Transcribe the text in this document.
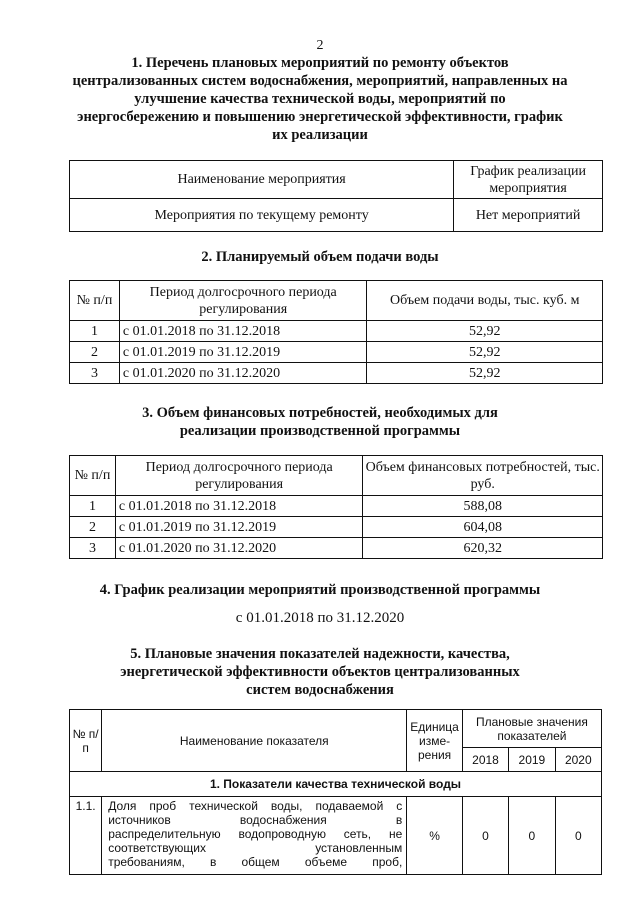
2
1. Перечень плановых мероприятий по ремонту объектов
централизованных систем водоснабжения, мероприятий, направленных на
улучшение качества технической воды, мероприятий по
энергосбережению и повышению энергетической эффективности, график
их реализации
Наименование мероприятия	График реализации мероприятия
Мероприятия по текущему ремонту	Нет мероприятий
2. Планируемый объем подачи воды
№ п/п	Период долгосрочного периода регулирования	Объем подачи воды, тыс. куб. м
1	с 01.01.2018 по 31.12.2018	52,92
2	с 01.01.2019 по 31.12.2019	52,92
3	с 01.01.2020 по 31.12.2020	52,92
3. Объем финансовых потребностей, необходимых для
реализации производственной программы
№ п/п	Период долгосрочного периода регулирования	Объем финансовых потребностей, тыс. руб.
1	с 01.01.2018 по 31.12.2018	588,08
2	с 01.01.2019 по 31.12.2019	604,08
3	с 01.01.2020 по 31.12.2020	620,32
4. График реализации мероприятий производственной программы
с 01.01.2018 по 31.12.2020
5. Плановые значения показателей надежности, качества,
энергетической эффективности объектов централизованных
систем водоснабжения
№ п/п	Наименование показателя	Единица изме-рения	Плановые значения показателей		
			2018	2019	2020
1. Показатели качества технической воды					
1.1.	Доля проб технической воды, подаваемой с
источников водоснабжения в
распределительную водопроводную сеть, не
соответствующих установленным
требованиям, в общем объеме проб,	%	0	0	0
